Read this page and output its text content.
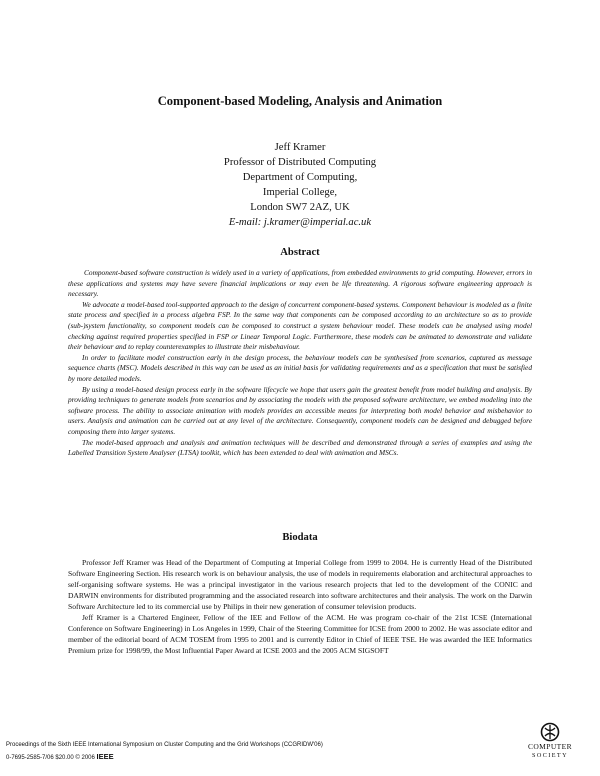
Component-based Modeling, Analysis and Animation
Jeff Kramer
Professor of Distributed Computing
Department of Computing,
Imperial College,
London SW7 2AZ, UK
E-mail: j.kramer@imperial.ac.uk
Abstract

Component-based software construction is widely used in a variety of applications, from embedded environments to grid computing. However, errors in these applications and systems may have severe financial implications or may even be life threatening. A rigorous software engineering approach is necessary.

We advocate a model-based tool-supported approach to the design of concurrent component-based systems. Component behaviour is modeled as a finite state process and specified in a process algebra FSP. In the same way that components can be composed according to an architecture so as to provide (sub-)system functionality, so component models can be composed to construct a system behaviour model. These models can be analysed using model checking against required properties specified in FSP or Linear Temporal Logic. Furthermore, these models can be animated to demonstrate and validate their behaviour and to replay counterexamples to illustrate their misbehaviour.

In order to facilitate model construction early in the design process, the behaviour models can be synthesised from scenarios, captured as message sequence charts (MSC). Models described in this way can be used as an initial basis for validating requirements and as a specification that must be satisfied by more detailed models.

By using a model-based design process early in the software lifecycle we hope that users gain the greatest benefit from model building and analysis. By providing techniques to generate models from scenarios and by associating the models with the proposed software architecture, we embed modeling into the software process. The ability to associate animation with models provides an accessible means for interpreting both model behavior and misbehavior to users. Analysis and animation can be carried out at any level of the architecture. Consequently, component models can be designed and debugged before composing them into larger systems.

The model-based approach and analysis and animation techniques will be described and demonstrated through a series of examples and using the Labelled Transition System Analyser (LTSA) toolkit, which has been extended to deal with animation and MSCs.

Biodata

Professor Jeff Kramer was Head of the Department of Computing at Imperial College from 1999 to 2004. He is currently Head of the Distributed Software Engineering Section. His research work is on behaviour analysis, the use of models in requirements elaboration and architectural approaches to self-organising software systems. He was a principal investigator in the various research projects that led to the development of the CONIC and DARWIN environments for distributed programming and the associated research into software architectures and their analysis. The work on the Darwin Software Architecture led to its commercial use by Philips in their new generation of consumer television products.

Jeff Kramer is a Chartered Engineer, Fellow of the IEE and Fellow of the ACM. He was program co-chair of the 21st ICSE (International Conference on Software Engineering) in Los Angeles in 1999, Chair of the Steering Committee for ICSE from 2000 to 2002. He was associate editor and member of the editorial board of ACM TOSEM from 1995 to 2001 and is currently Editor in Chief of IEEE TSE. He was awarded the IEE Informatics Premium prize for 1998/99, the Most Influential Paper Award at ICSE 2003 and the 2005 ACM SIGSOFT

Proceedings of the Sixth IEEE International Symposium on Cluster Computing and the Grid Workshops (CCGRIDW'06)
0-7695-2585-7/06 $20.00 © 2006 IEEE
COMPUTER
SOCIETY
